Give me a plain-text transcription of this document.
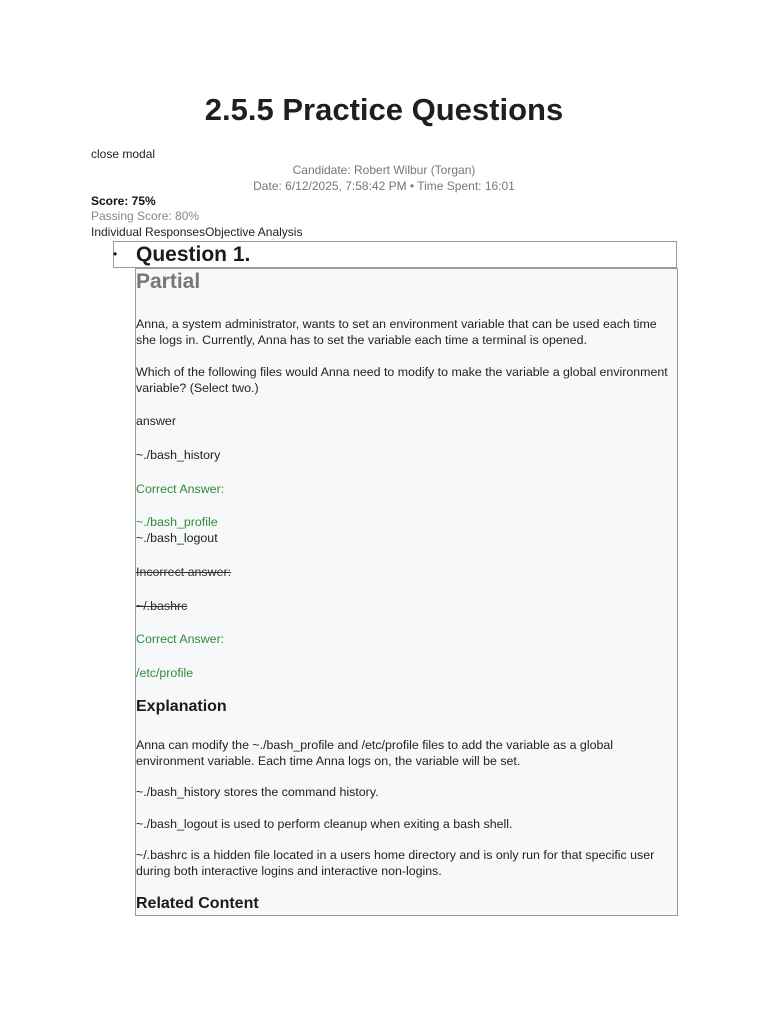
2.5.5 Practice Questions
close modal
Candidate: Robert Wilbur (Torgan)
Date: 6/12/2025, 7:58:42 PM • Time Spent: 16:01
Score: 75%
Passing Score: 80%
Individual ResponsesObjective Analysis
• Question 1.
Partial
Anna, a system administrator, wants to set an environment variable that can be used each time she logs in. Currently, Anna has to set the variable each time a terminal is opened.
Which of the following files would Anna need to modify to make the variable a global environment variable? (Select two.)
answer
~./bash_history
Correct Answer:
~./bash_profile
~./bash_logout
Incorrect answer:
~/.bashrc
Correct Answer:
/etc/profile
Explanation
Anna can modify the ~./bash_profile and /etc/profile files to add the variable as a global environment variable. Each time Anna logs on, the variable will be set.
~./bash_history stores the command history.
~./bash_logout is used to perform cleanup when exiting a bash shell.
~/.bashrc is a hidden file located in a users home directory and is only run for that specific user during both interactive logins and interactive non-logins.
Related Content
